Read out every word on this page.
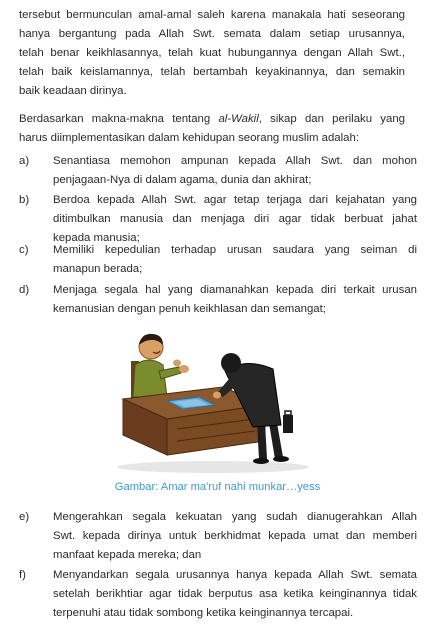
tersebut bermunculan amal-amal saleh karena manakala hati seseorang
hanya bergantung pada Allah Swt. semata dalam setiap urusannya,
telah benar keikhlasannya, telah kuat hubungannya dengan Allah Swt.,
telah baik keislamannya, telah bertambah keyakinannya, dan semakin
baik keadaan dirinya.
Berdasarkan makna-makna tentang al-Wakil, sikap dan perilaku yang
harus diimplementasikan dalam kehidupan seorang muslim adalah:
a)	Senantiasa memohon ampunan kepada Allah Swt. dan mohon
penjagaan-Nya di dalam agama, dunia dan akhirat;
b)	Berdoa kepada Allah Swt. agar tetap terjaga dari kejahatan yang
ditimbulkan manusia dan menjaga diri agar tidak berbuat jahat
kepada manusia;
c)	Memiliki kepedulian terhadap urusan saudara yang seiman di
manapun berada;
d)	Menjaga segala hal yang diamanahkan kepada diri terkait urusan
kemanusian dengan penuh keikhlasan dan semangat;
Gambar: Amar ma'ruf nahi munkar…yess
e)	Mengerahkan segala kekuatan yang sudah dianugerahkan Allah
Swt. kepada dirinya untuk berkhidmat kepada umat dan memberi
manfaat kepada mereka; dan
f)	Menyandarkan segala urusannya hanya kepada Allah Swt. semata
setelah berikhtiar agar tidak berputus asa ketika keinginannya tidak
terpenuhi atau tidak sombong ketika keinginannya tercapai.
